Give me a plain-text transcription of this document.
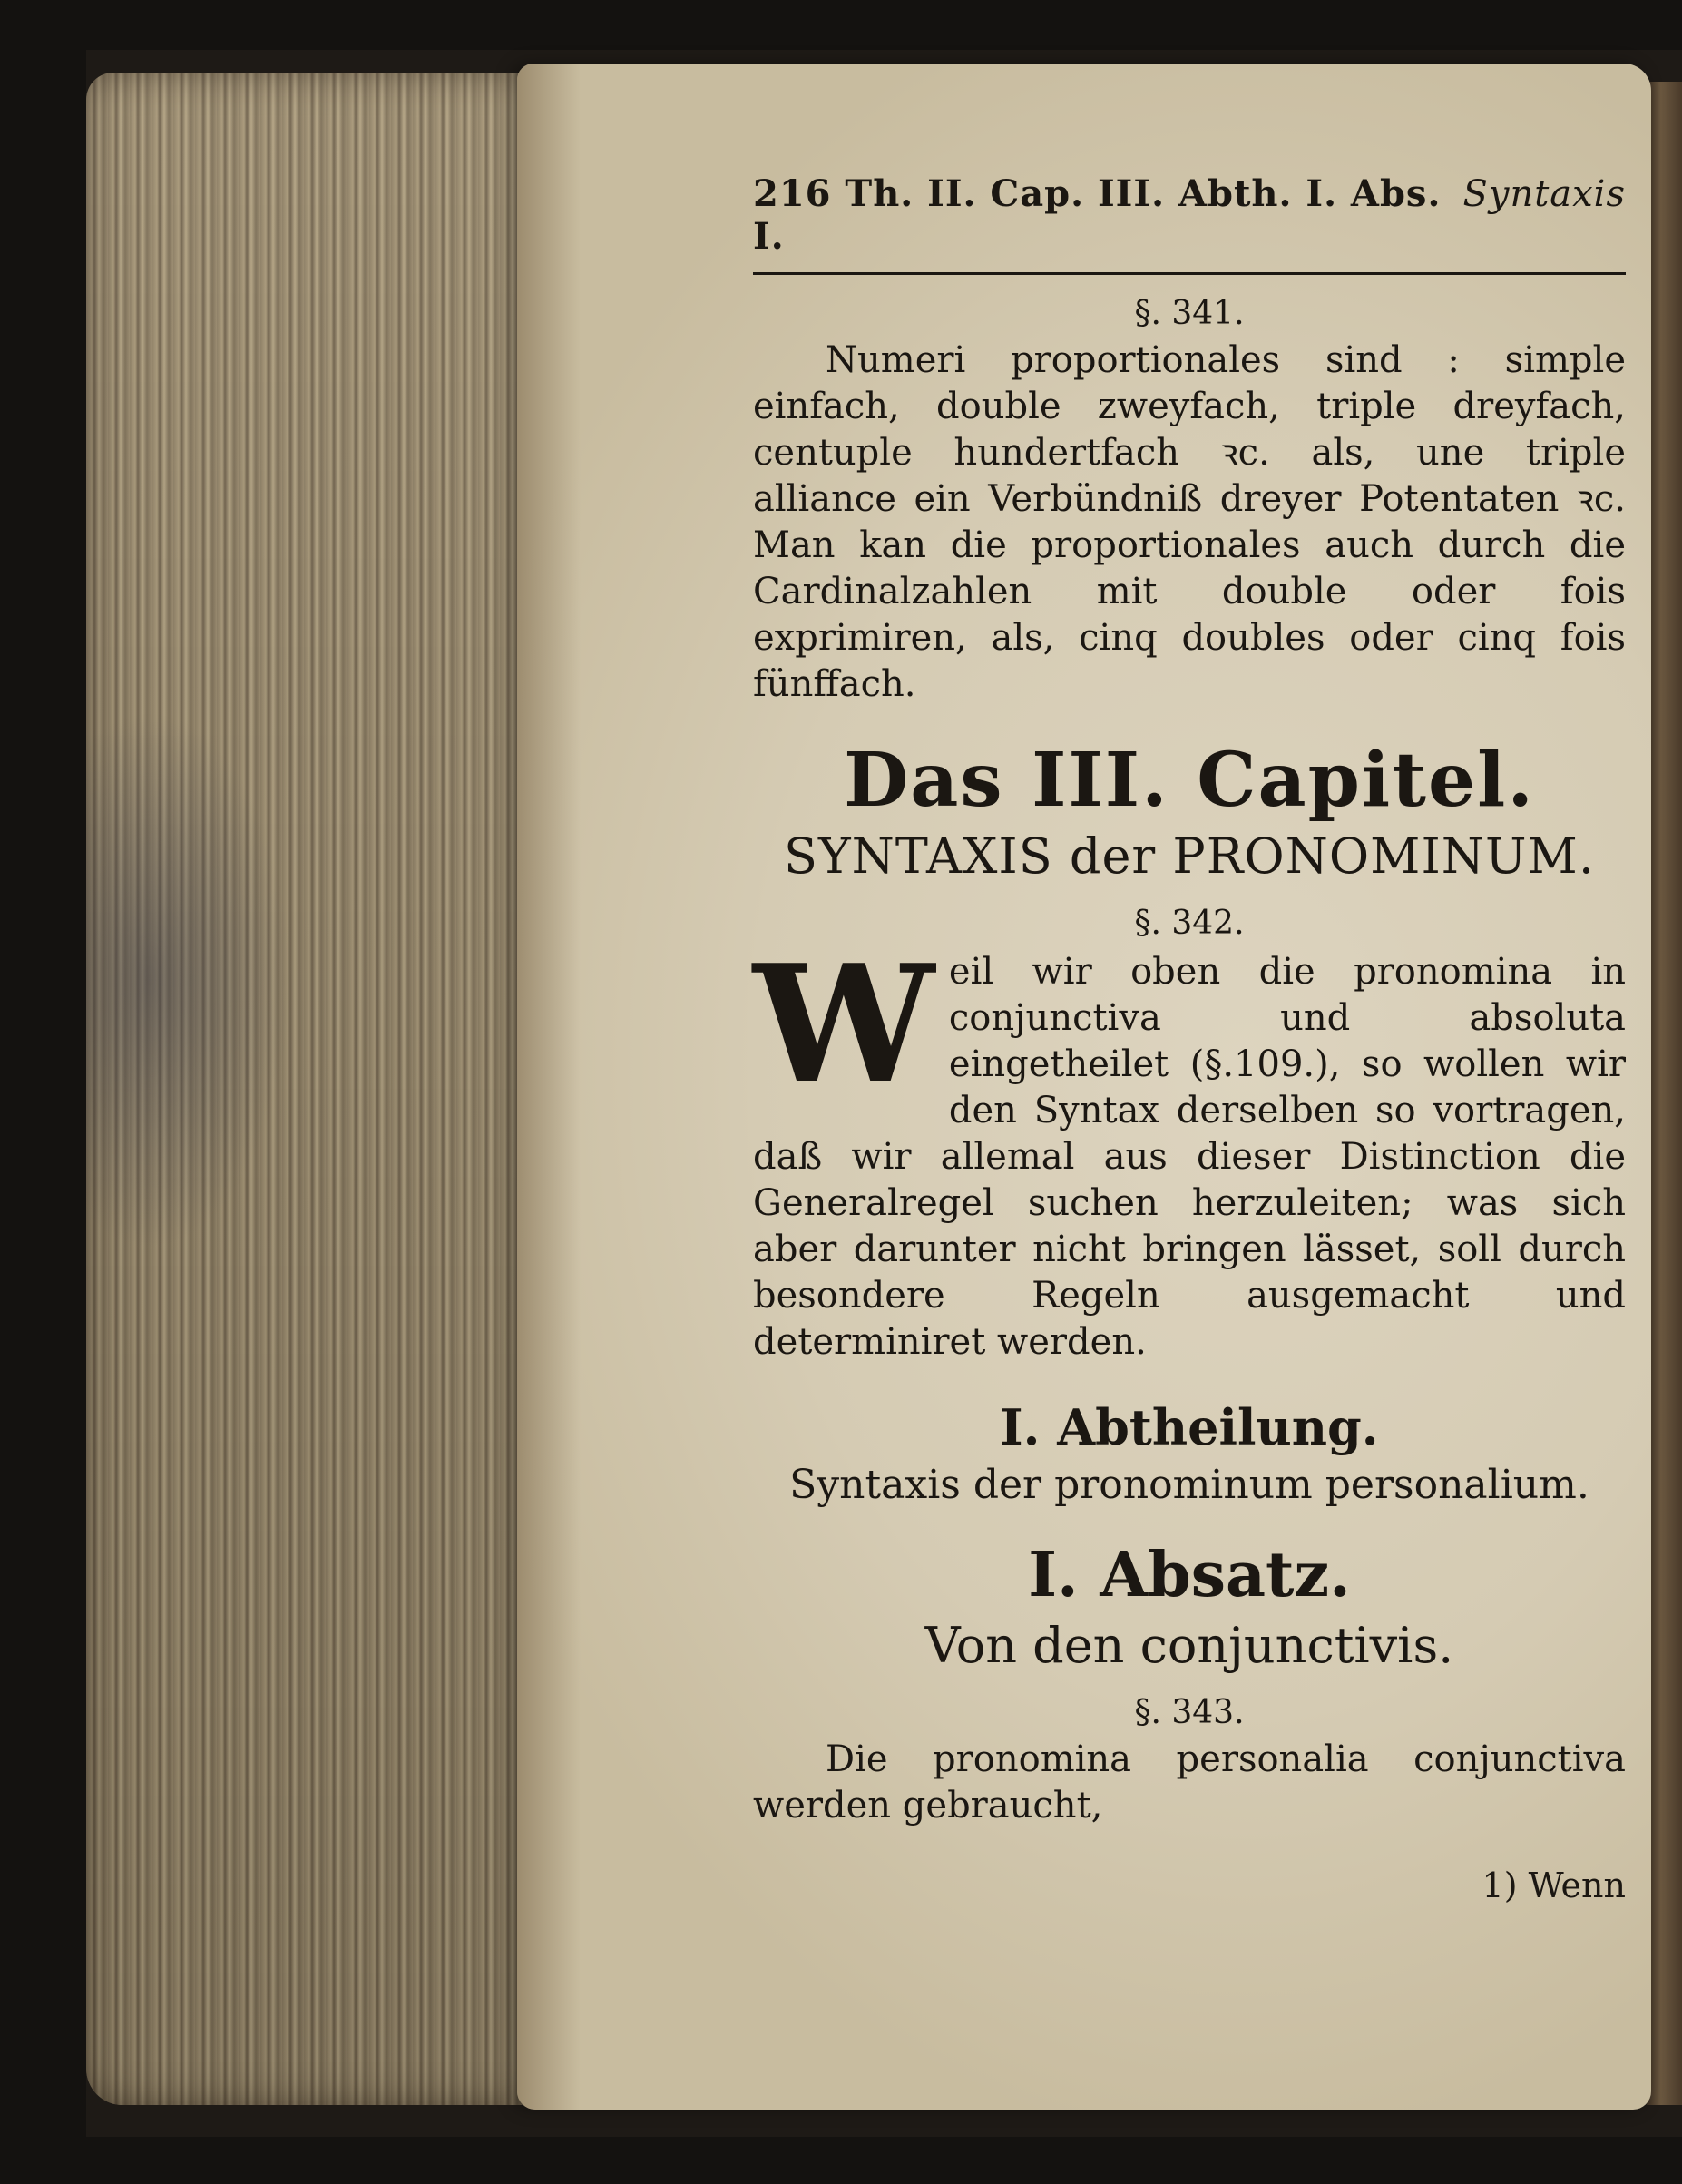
216 Th. II. Cap. III. Abth. I. Abs. I.
Syntaxis
§. 341.

Numeri proportionales sind : simple einfach, double zweyfach, triple dreyfach, centuple hundertfach ꝛc. als, une triple alliance ein Verbündniß dreyer Potentaten ꝛc. Man kan die proportionales auch durch die Cardinalzahlen mit double oder fois exprimiren, als, cinq doubles oder cinq fois fünffach.

Das III. Capitel.
SYNTAXIS der PRONOMINUM.
§. 342.
W eil wir oben die pronomina in conjunctiva und absoluta eingetheilet (§.109.), so wollen wir den Syntax derselben so vortragen, daß wir allemal aus dieser Distinction die Generalregel suchen herzuleiten; was sich aber darunter nicht bringen lässet, soll durch besondere Regeln ausgemacht und determiniret werden.

I. Abtheilung.
Syntaxis der pronominum personalium.
I. Absatz.
Von den conjunctivis.
§. 343.

Die pronomina personalia conjunctiva werden gebraucht,

1) Wenn
